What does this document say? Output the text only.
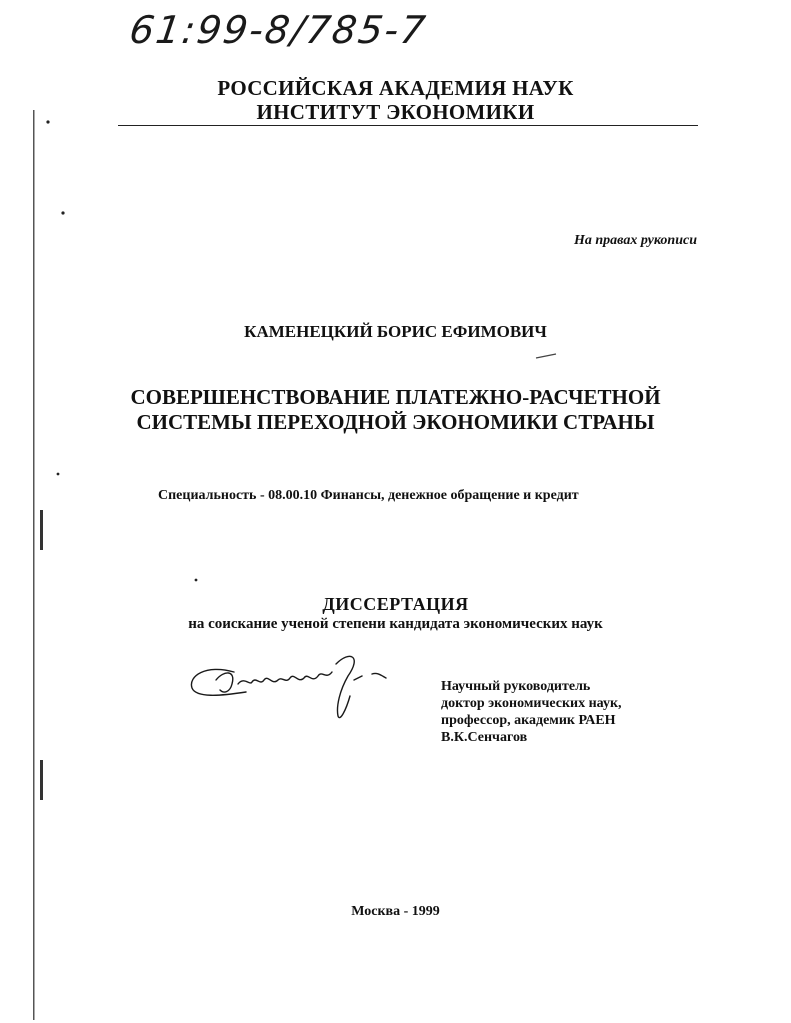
61:99-8/785-7
РОССИЙСКАЯ АКАДЕМИЯ НАУК
ИНСТИТУТ ЭКОНОМИКИ
На правах рукописи
КАМЕНЕЦКИЙ БОРИС ЕФИМОВИЧ
СОВЕРШЕНСТВОВАНИЕ ПЛАТЕЖНО-РАСЧЕТНОЙ
СИСТЕМЫ ПЕРЕХОДНОЙ ЭКОНОМИКИ СТРАНЫ
Специальность - 08.00.10 Финансы, денежное обращение и кредит
ДИССЕРТАЦИЯ
на соискание ученой степени кандидата экономических наук
Научный руководитель
доктор экономических наук,
профессор, академик РАЕН
В.К.Сенчагов
Москва - 1999
